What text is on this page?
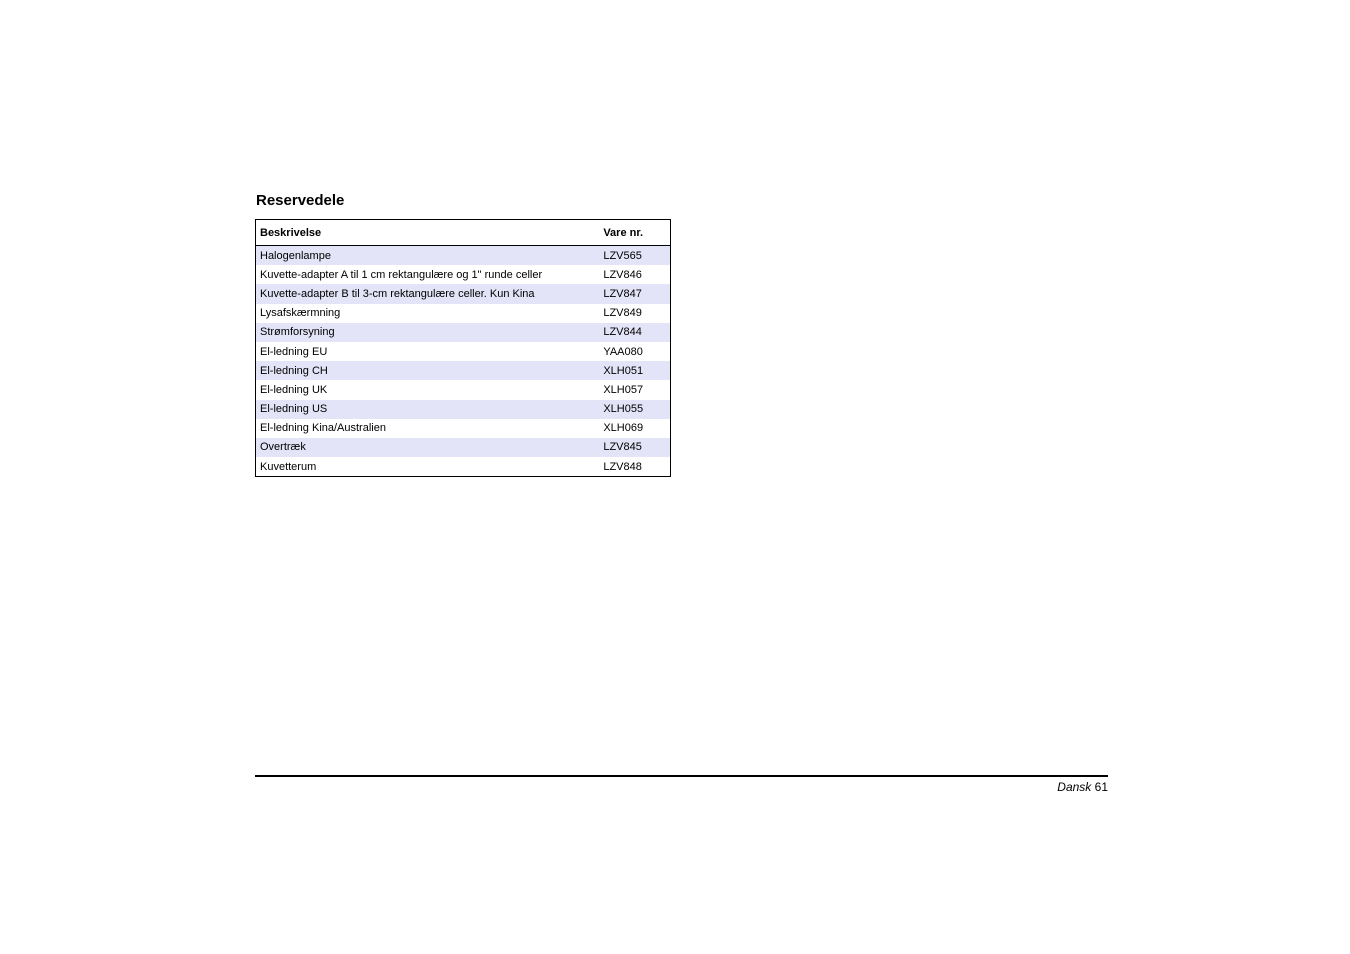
Reservedele
Beskrivelse	Vare nr.
Halogenlampe	LZV565
Kuvette-adapter A til 1 cm rektangulære og 1" runde celler	LZV846
Kuvette-adapter B til 3-cm rektangulære celler. Kun Kina	LZV847
Lysafskærmning	LZV849
Strømforsyning	LZV844
El-ledning EU	YAA080
El-ledning CH	XLH051
El-ledning UK	XLH057
El-ledning US	XLH055
El-ledning Kina/Australien	XLH069
Overtræk	LZV845
Kuvetterum	LZV848
Dansk 61
